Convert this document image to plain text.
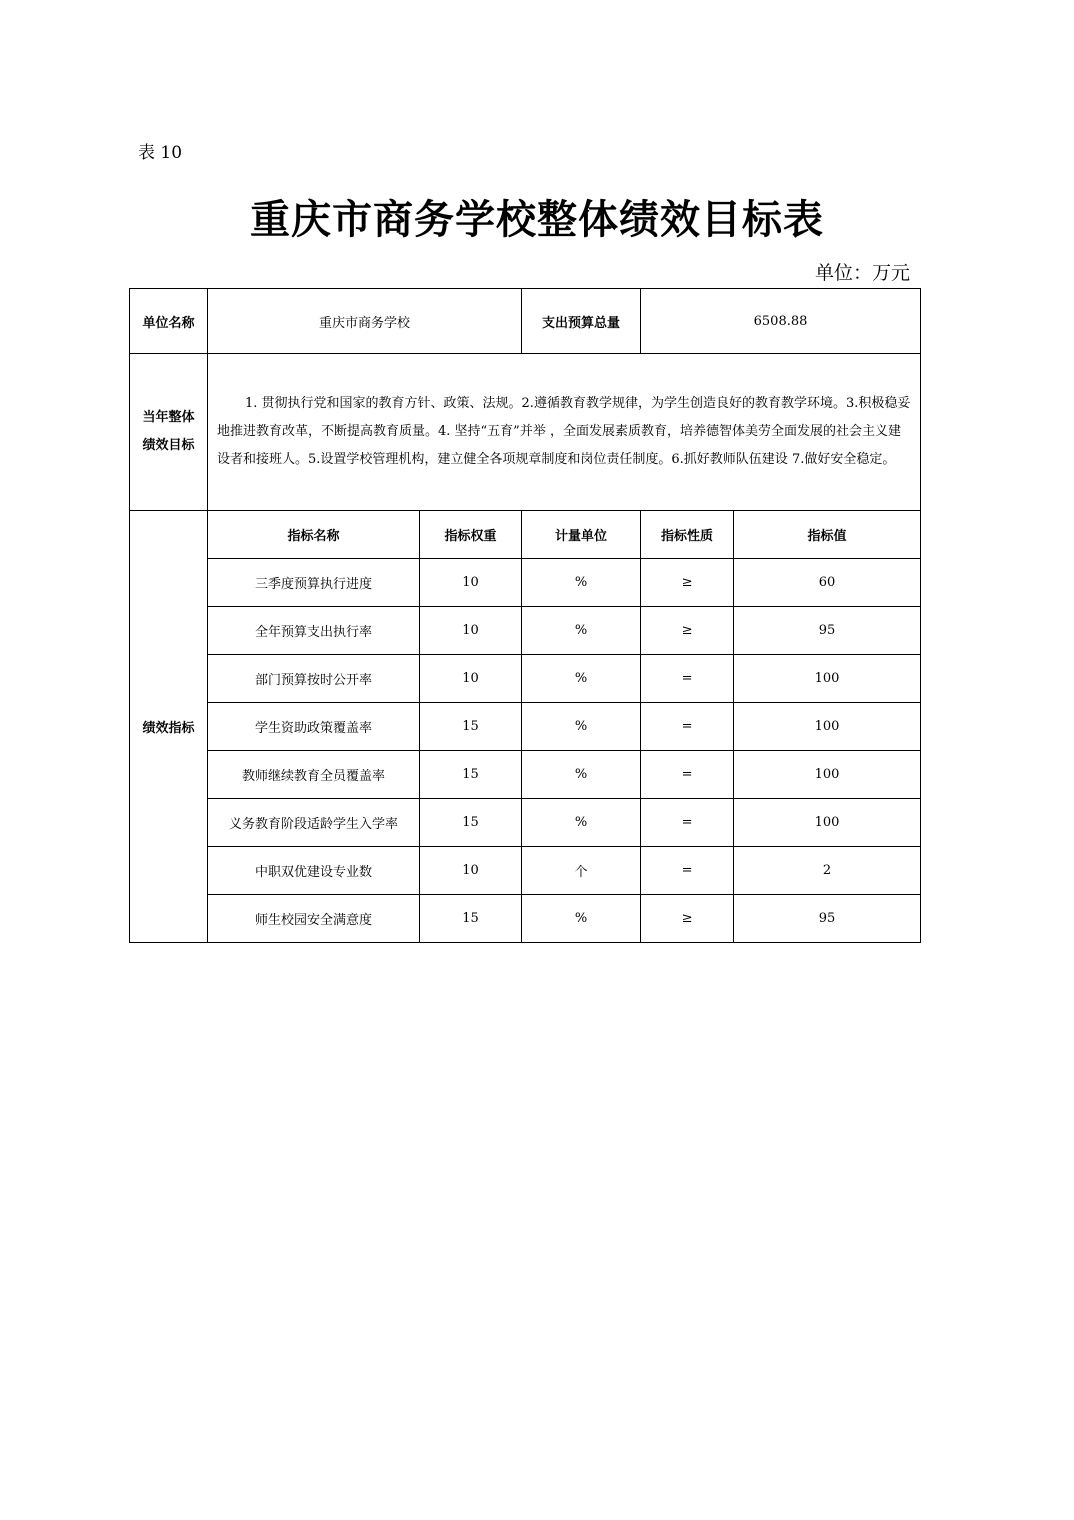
表 10
重庆市商务学校整体绩效目标表
单位：万元
单位名称	重庆市商务学校		支出预算总量	6508.88	
当年整体
绩效目标	1. 贯彻执行党和国家的教育方针、政策、法规。2.遵循教育教学规律，为学生创造良好的教育教学环境。3.积极稳妥地推进教育改革，不断提高教育质量。4. 坚持“五育”并举 ，全面发展素质教育，培养德智体美劳全面发展的社会主义建设者和接班人。5.设置学校管理机构，建立健全各项规章制度和岗位责任制度。6.抓好教师队伍建设 7.做好安全稳定。				
绩效指标	指标名称	指标权重	计量单位	指标性质	指标值
	三季度预算执行进度	10	%	≥	60
	全年预算支出执行率	10	%	≥	95
	部门预算按时公开率	10	%	=	100
	学生资助政策覆盖率	15	%	=	100
	教师继续教育全员覆盖率	15	%	=	100
	义务教育阶段适龄学生入学率	15	%	=	100
	中职双优建设专业数	10	个	=	2
	师生校园安全满意度	15	%	≥	95
